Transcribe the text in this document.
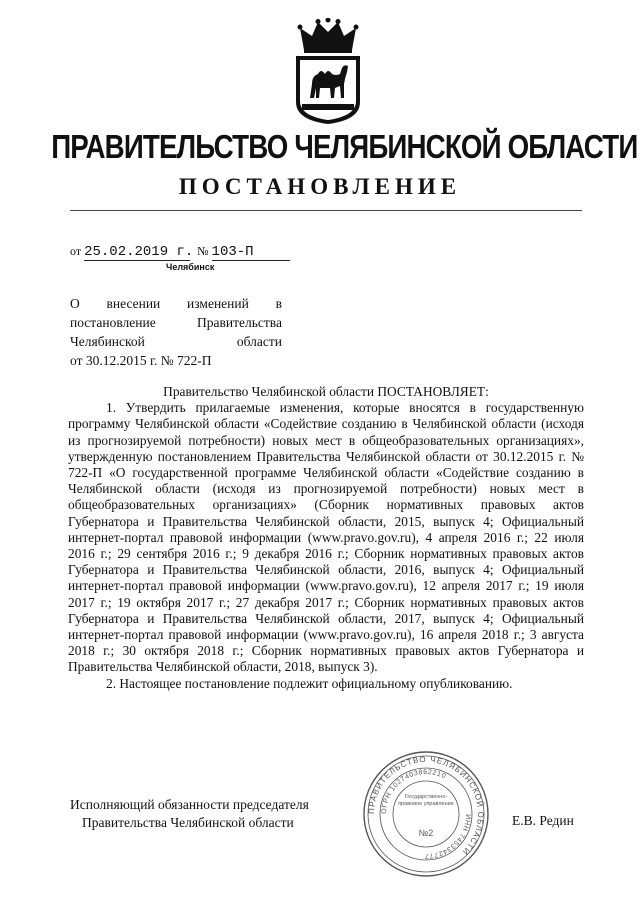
ПРАВИТЕЛЬСТВО ЧЕЛЯБИНСКОЙ ОБЛАСТИ
ПОСТАНОВЛЕНИЕ
от 25.02.2019 г. № 103-П
Челябинск
О внесении изменений в
постановление Правительства
Челябинской области
от 30.12.2015 г. № 722-П

Правительство Челябинской области ПОСТАНОВЛЯЕТ:

1. Утвердить прилагаемые изменения, которые вносятся в государственную программу Челябинской области «Содействие созданию в Челябинской области (исходя из прогнозируемой потребности) новых мест в общеобразовательных организациях», утвержденную постановлением Правительства Челябинской области от 30.12.2015 г. № 722-П «О государственной программе Челябинской области «Содействие созданию в Челябинской области (исходя из прогнозируемой потребности) новых мест в общеобразовательных организациях» (Сборник нормативных правовых актов Губернатора и Правительства Челябинской области, 2015, выпуск 4; Официальный интернет-портал правовой информации (www.pravo.gov.ru), 4 апреля 2016 г.; 22 июля 2016 г.; 29 сентября 2016 г.; 9 декабря 2016 г.; Сборник нормативных правовых актов Губернатора и Правительства Челябинской области, 2016, выпуск 4; Официальный интернет-портал правовой информации (www.pravo.gov.ru), 12 апреля 2017 г.; 19 июля 2017 г.; 19 октября 2017 г.; 27 декабря 2017 г.; Сборник нормативных правовых актов Губернатора и Правительства Челябинской области, 2017, выпуск 4; Официальный интернет-портал правовой информации (www.pravo.gov.ru), 16 апреля 2018 г.; 3 августа 2018 г.; 30 октября 2018 г.; Сборник нормативных правовых актов Губернатора и Правительства Челябинской области, 2018, выпуск 3).

2. Настоящее постановление подлежит официальному опубликованию.

ПРАВИТЕЛЬСТВО ЧЕЛЯБИНСКОЙ ОБЛАСТИ
ОГРН 1027403862210
ИНН 7453342777
Государственно-правовое управление
№2
Исполняющий обязанности председателя
Правительства Челябинской области	Е.В. Редин
